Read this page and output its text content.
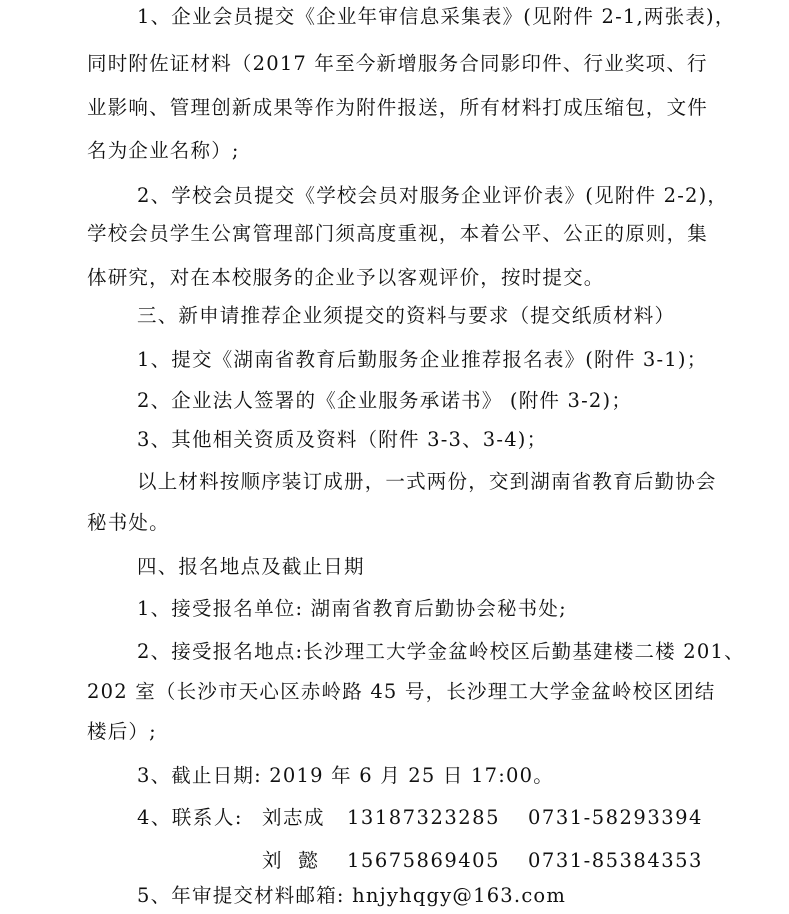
1、企业会员提交《企业年审信息采集表》(见附件 2-1,两张表)，
同时附佐证材料（2017 年至今新增服务合同影印件、行业奖项、行
业影响、管理创新成果等作为附件报送，所有材料打成压缩包，文件
名为企业名称）;
2、学校会员提交《学校会员对服务企业评价表》(见附件 2-2)，
学校会员学生公寓管理部门须高度重视，本着公平、公正的原则，集
体研究，对在本校服务的企业予以客观评价，按时提交。
三、新申请推荐企业须提交的资料与要求（提交纸质材料）
1、提交《湖南省教育后勤服务企业推荐报名表》(附件 3-1)；
2、企业法人签署的《企业服务承诺书》 (附件 3-2)；
3、其他相关资质及资料（附件 3-3、3-4)；
以上材料按顺序装订成册，一式两份，交到湖南省教育后勤协会
秘书处。
四、报名地点及截止日期
1、接受报名单位: 湖南省教育后勤协会秘书处;
2、接受报名地点:长沙理工大学金盆岭校区后勤基建楼二楼 201、
202 室（长沙市天心区赤岭路 45 号，长沙理工大学金盆岭校区团结
楼后）;
3、截止日期: 2019 年 6 月 25 日 17:00。
4、联系人: 刘志成 13187323285 0731-58293394
刘  懿 15675869405 0731-85384353
5、年审提交材料邮箱: hnjyhqgy@163.com
